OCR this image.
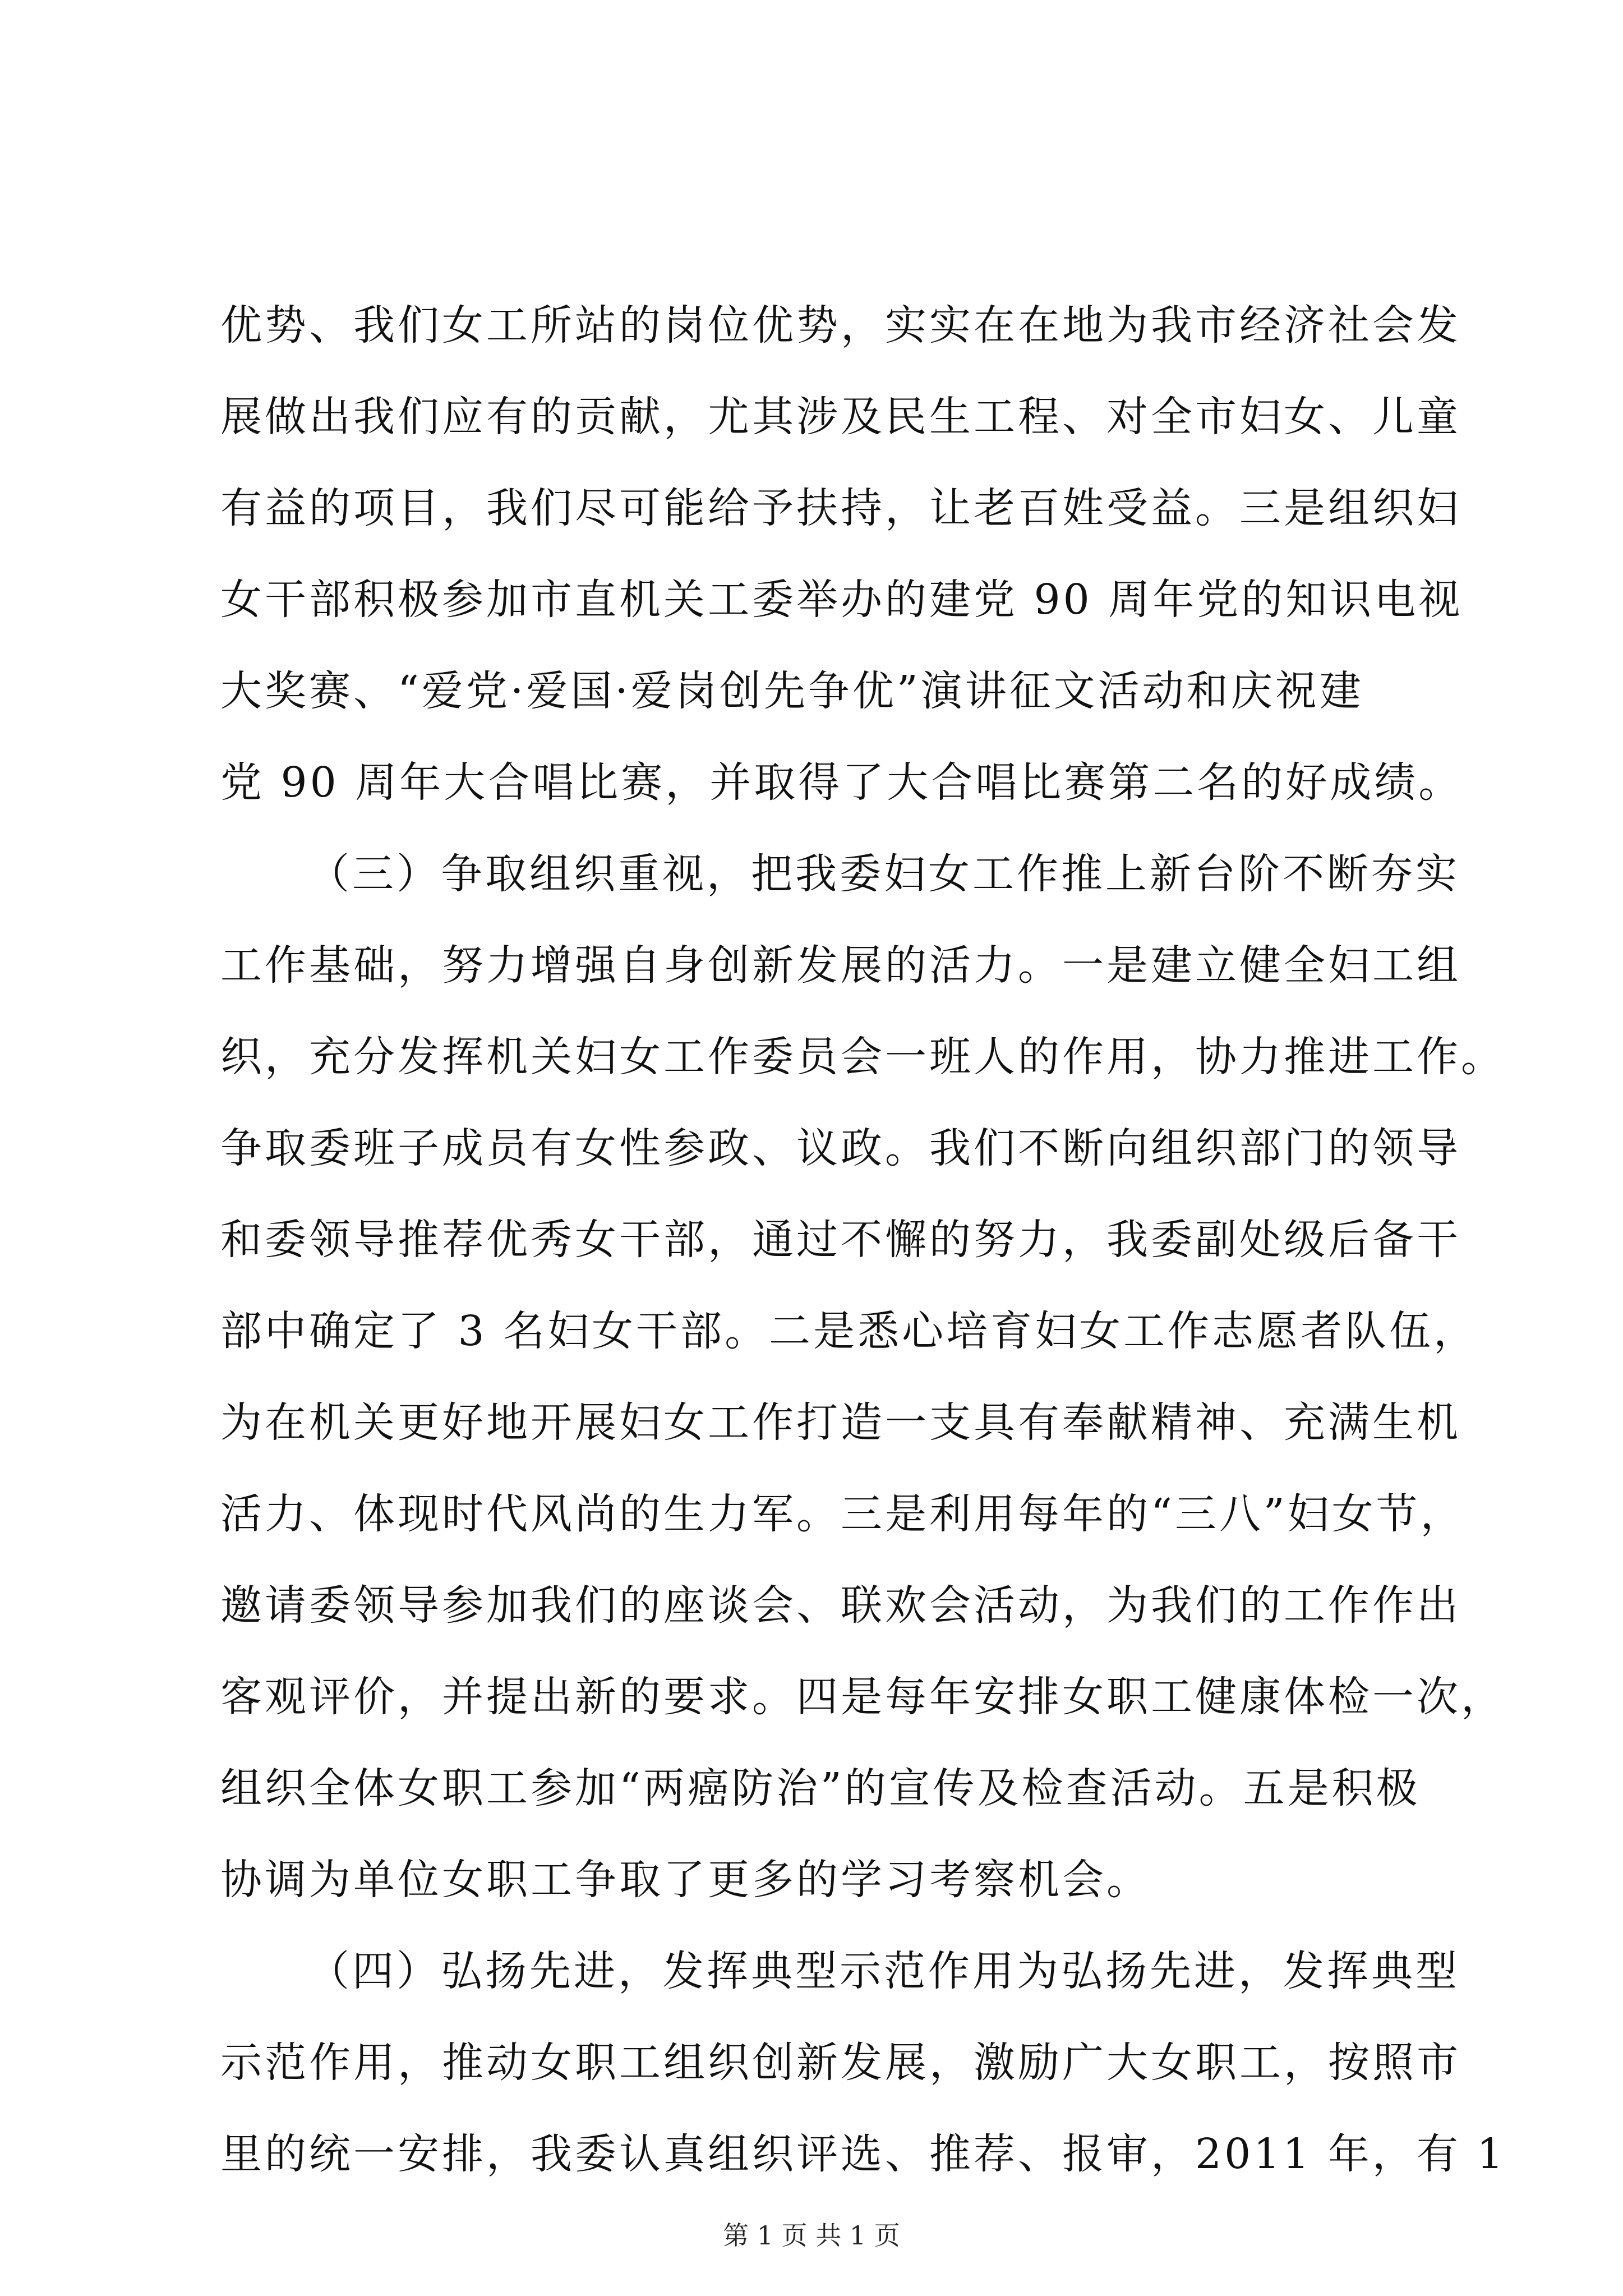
优势、我们女工所站的岗位优势，实实在在地为我市经济社会发
展做出我们应有的贡献，尤其涉及民生工程、对全市妇女、儿童
有益的项目，我们尽可能给予扶持，让老百姓受益。三是组织妇
女干部积极参加市直机关工委举办的建党 90 周年党的知识电视
大奖赛、“爱党·爱国·爱岗创先争优”演讲征文活动和庆祝建
党 90 周年大合唱比赛，并取得了大合唱比赛第二名的好成绩。
（三）争取组织重视，把我委妇女工作推上新台阶不断夯实
工作基础，努力增强自身创新发展的活力。一是建立健全妇工组
织，充分发挥机关妇女工作委员会一班人的作用，协力推进工作。
争取委班子成员有女性参政、议政。我们不断向组织部门的领导
和委领导推荐优秀女干部，通过不懈的努力，我委副处级后备干
部中确定了 3 名妇女干部。二是悉心培育妇女工作志愿者队伍，
为在机关更好地开展妇女工作打造一支具有奉献精神、充满生机
活力、体现时代风尚的生力军。三是利用每年的“三八”妇女节，
邀请委领导参加我们的座谈会、联欢会活动，为我们的工作作出
客观评价，并提出新的要求。四是每年安排女职工健康体检一次，
组织全体女职工参加“两癌防治”的宣传及检查活动。五是积极
协调为单位女职工争取了更多的学习考察机会。
（四）弘扬先进，发挥典型示范作用为弘扬先进，发挥典型
示范作用，推动女职工组织创新发展，激励广大女职工，按照市
里的统一安排，我委认真组织评选、推荐、报审，2011 年，有 1
第 1 页 共 1 页
